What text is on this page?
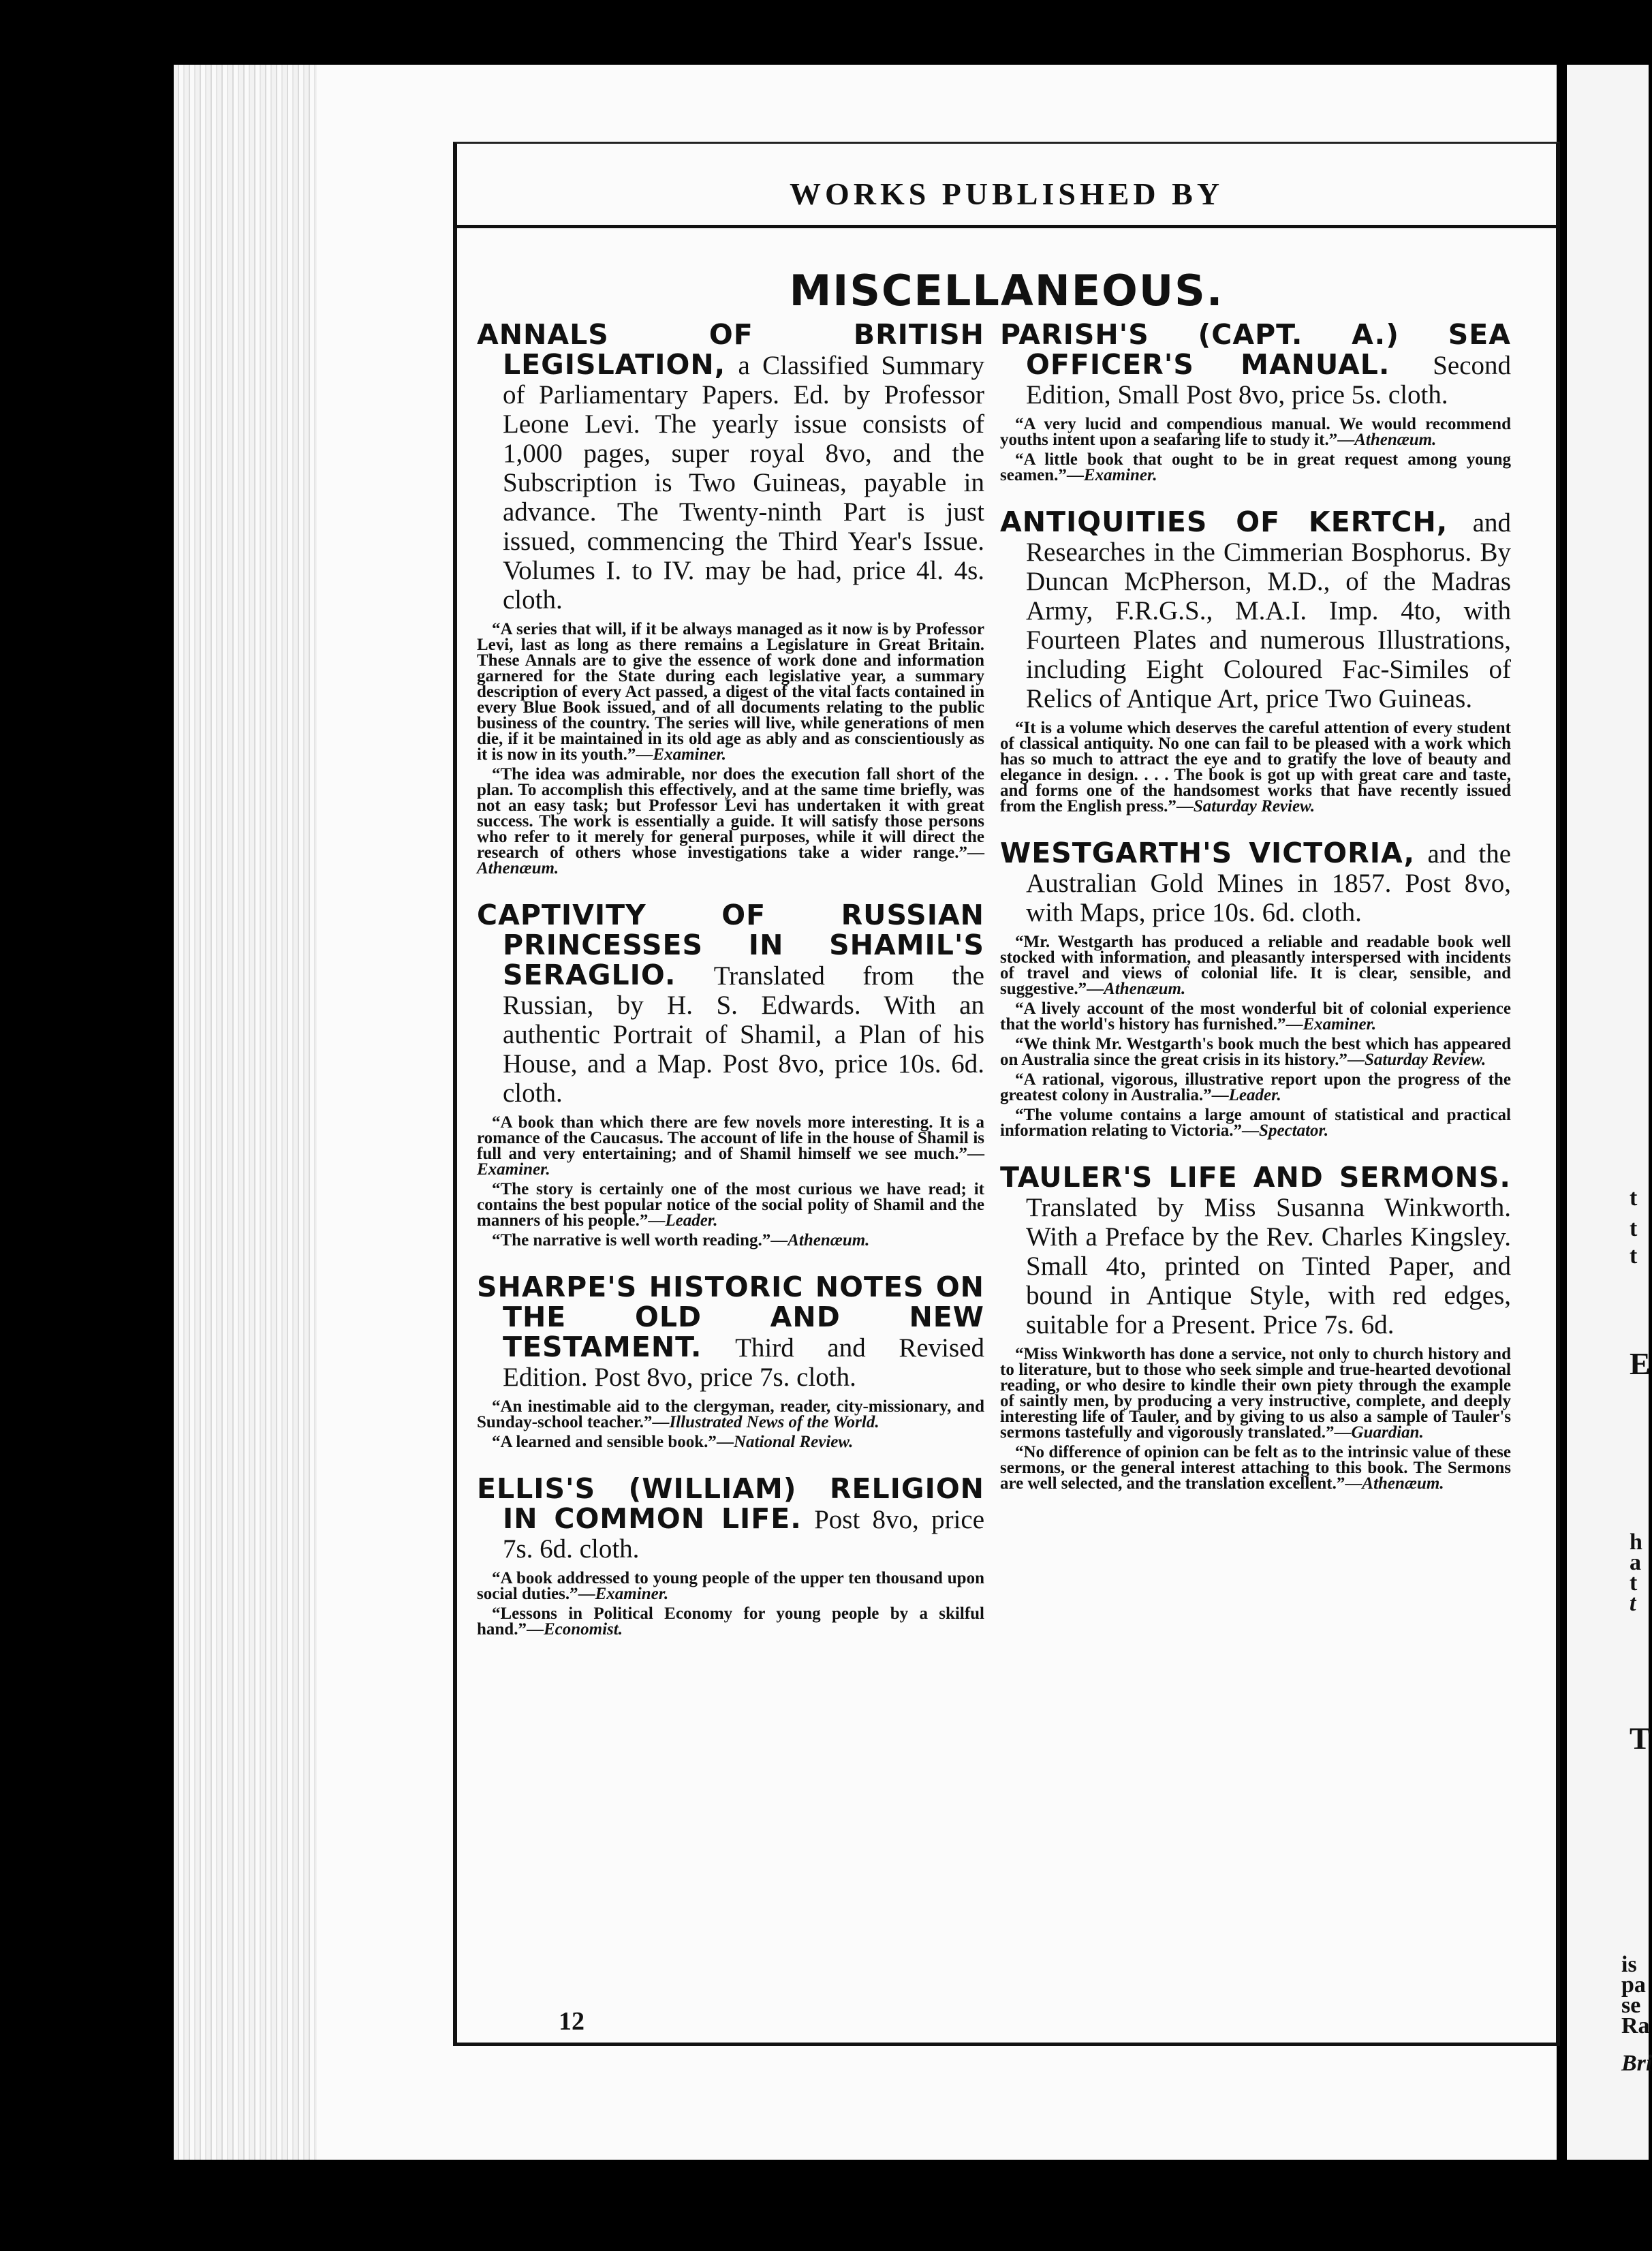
t
t
t
E
h
a
t
t
T
is
pa
se
Ra
Bri
WORKS PUBLISHED BY
MISCELLANEOUS.
ANNALS OF BRITISH LEGISLATION, a Classified Summary of Parliamentary Papers. Ed. by Professor Leone Levi. The yearly issue consists of 1,000 pages, super royal 8vo, and the Subscription is Two Guineas, payable in advance. The Twenty-ninth Part is just issued, commencing the Third Year's Issue. Volumes I. to IV. may be had, price 4l. 4s. cloth.

“A series that will, if it be always managed as it now is by Professor Levi, last as long as there remains a Legislature in Great Britain. These Annals are to give the essence of work done and information garnered for the State during each legislative year, a summary description of every Act passed, a digest of the vital facts contained in every Blue Book issued, and of all documents relating to the public business of the country. The series will live, while generations of men die, if it be maintained in its old age as ably and as conscientiously as it is now in its youth.”—Examiner.

“The idea was admirable, nor does the execution fall short of the plan. To accomplish this effectively, and at the same time briefly, was not an easy task; but Professor Levi has undertaken it with great success. The work is essentially a guide. It will satisfy those persons who refer to it merely for general purposes, while it will direct the research of others whose investigations take a wider range.”—Athenæum.

CAPTIVITY OF RUSSIAN PRINCESSES IN SHAMIL'S SERAGLIO. Translated from the Russian, by H. S. Edwards. With an authentic Portrait of Shamil, a Plan of his House, and a Map. Post 8vo, price 10s. 6d. cloth.

“A book than which there are few novels more interesting. It is a romance of the Caucasus. The account of life in the house of Shamil is full and very entertaining; and of Shamil himself we see much.”—Examiner.

“The story is certainly one of the most curious we have read; it contains the best popular notice of the social polity of Shamil and the manners of his people.”—Leader.

“The narrative is well worth reading.”—Athenæum.

SHARPE'S HISTORIC NOTES ON THE OLD AND NEW TESTAMENT. Third and Revised Edition. Post 8vo, price 7s. cloth.

“An inestimable aid to the clergyman, reader, city-missionary, and Sunday-school teacher.”—Illustrated News of the World.

“A learned and sensible book.”—National Review.

ELLIS'S (WILLIAM) RELIGION IN COMMON LIFE. Post 8vo, price 7s. 6d. cloth.

“A book addressed to young people of the upper ten thousand upon social duties.”—Examiner.

“Lessons in Political Economy for young people by a skilful hand.”—Economist.

PARISH'S (CAPT. A.) SEA OFFICER'S MANUAL. Second Edition, Small Post 8vo, price 5s. cloth.

“A very lucid and compendious manual. We would recommend youths intent upon a seafaring life to study it.”—Athenæum.

“A little book that ought to be in great request among young seamen.”—Examiner.

ANTIQUITIES OF KERTCH, and Researches in the Cimmerian Bosphorus. By Duncan McPherson, M.D., of the Madras Army, F.R.G.S., M.A.I. Imp. 4to, with Fourteen Plates and numerous Illustrations, including Eight Coloured Fac-Similes of Relics of Antique Art, price Two Guineas.

“It is a volume which deserves the careful attention of every student of classical antiquity. No one can fail to be pleased with a work which has so much to attract the eye and to gratify the love of beauty and elegance in design. . . . The book is got up with great care and taste, and forms one of the handsomest works that have recently issued from the English press.”—Saturday Review.

WESTGARTH'S VICTORIA, and the Australian Gold Mines in 1857. Post 8vo, with Maps, price 10s. 6d. cloth.

“Mr. Westgarth has produced a reliable and readable book well stocked with information, and pleasantly interspersed with incidents of travel and views of colonial life. It is clear, sensible, and suggestive.”—Athenæum.

“A lively account of the most wonderful bit of colonial experience that the world's history has furnished.”—Examiner.

“We think Mr. Westgarth's book much the best which has appeared on Australia since the great crisis in its history.”—Saturday Review.

“A rational, vigorous, illustrative report upon the progress of the greatest colony in Australia.”—Leader.

“The volume contains a large amount of statistical and practical information relating to Victoria.”—Spectator.

TAULER'S LIFE AND SERMONS. Translated by Miss Susanna Winkworth. With a Preface by the Rev. Charles Kingsley. Small 4to, printed on Tinted Paper, and bound in Antique Style, with red edges, suitable for a Present. Price 7s. 6d.

“Miss Winkworth has done a service, not only to church history and to literature, but to those who seek simple and true-hearted devotional reading, or who desire to kindle their own piety through the example of saintly men, by producing a very instructive, complete, and deeply interesting life of Tauler, and by giving to us also a sample of Tauler's sermons tastefully and vigorously translated.”—Guardian.

“No difference of opinion can be felt as to the intrinsic value of these sermons, or the general interest attaching to this book. The Sermons are well selected, and the translation excellent.”—Athenæum.

12
